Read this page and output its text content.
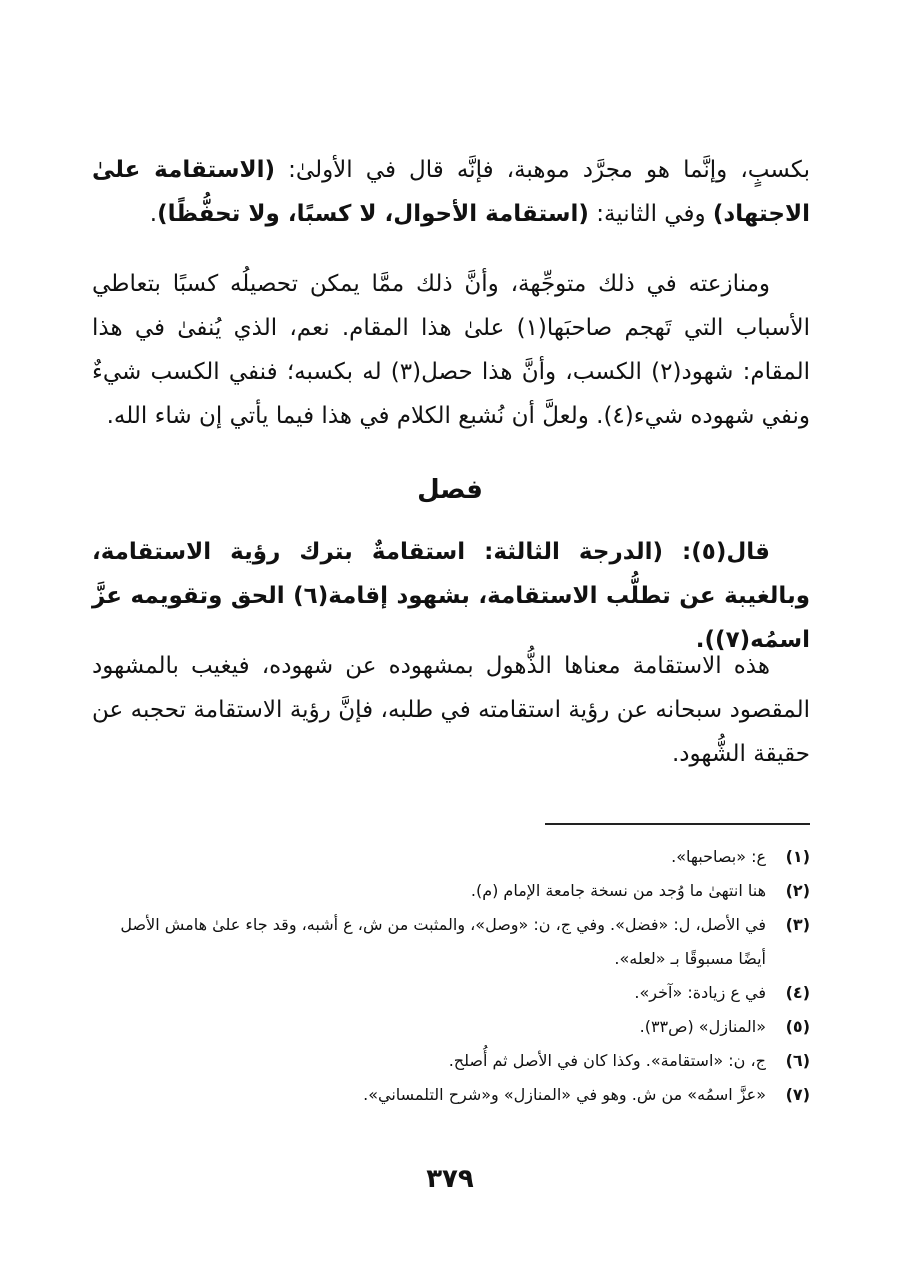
بكسبٍ، وإنَّما هو مجرَّد موهبة، فإنَّه قال في الأولىٰ: (الاستقامة علىٰ الاجتهاد) وفي الثانية: (استقامة الأحوال، لا كسبًا، ولا تحفُّظًا).

ومنازعته في ذلك متوجِّهة، وأنَّ ذلك ممَّا يمكن تحصيلُه كسبًا بتعاطي الأسباب التي تَهجم صاحبَها(١) علىٰ هذا المقام. نعم، الذي يُنفىٰ في هذا المقام: شهود(٢) الكسب، وأنَّ هذا حصل(٣) له بكسبه؛ فنفي الكسب شيءٌ ونفي شهوده شيء(٤). ولعلَّ أن نُشبع الكلام في هذا فيما يأتي إن شاء الله.

فصل

قال(٥): (الدرجة الثالثة: استقامةٌ بترك رؤية الاستقامة، وبالغيبة عن تطلُّب الاستقامة، بشهود إقامة(٦) الحق وتقويمه عزَّ اسمُه(٧)).

هذه الاستقامة معناها الذُّهول بمشهوده عن شهوده، فيغيب بالمشهود المقصود سبحانه عن رؤية استقامته في طلبه، فإنَّ رؤية الاستقامة تحجبه عن حقيقة الشُّهود.

(١)
ع: «بصاحبها».
(٢)
هنا انتهىٰ ما وُجد من نسخة جامعة الإمام (م).
(٣)
في الأصل، ل: «فضل». وفي ج، ن: «وصل»، والمثبت من ش، ع أشبه، وقد جاء علىٰ هامش الأصل أيضًا مسبوقًا بـ «لعله».
(٤)
في ع زيادة: «آخر».
(٥)
«المنازل» (ص٣٣).
(٦)
ج، ن: «استقامة». وكذا كان في الأصل ثم أُصلح.
(٧)
«عزَّ اسمُه» من ش. وهو في «المنازل» و«شرح التلمساني».
٣٧٩
